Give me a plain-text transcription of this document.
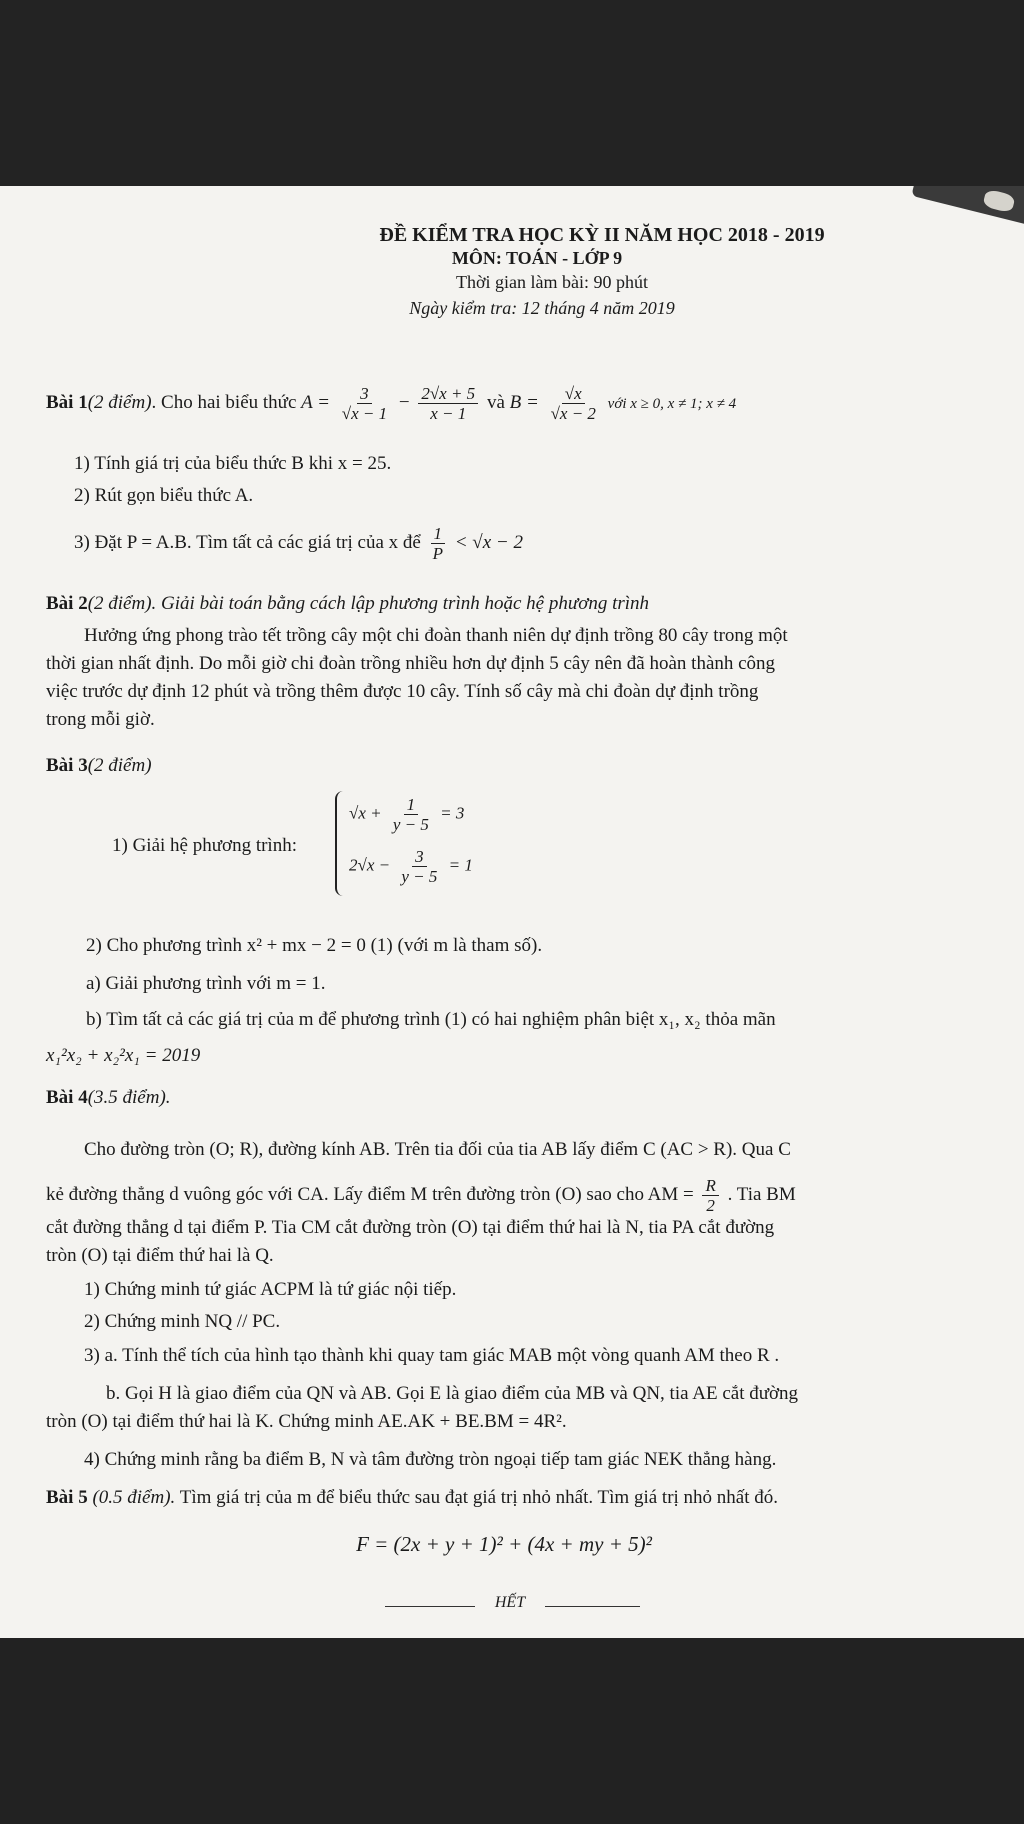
ĐỀ KIỂM TRA HỌC KỲ II NĂM HỌC 2018 - 2019
MÔN: TOÁN - LỚP 9
Thời gian làm bài: 90 phút
Ngày kiểm tra: 12 tháng 4 năm 2019
Bài 1(2 điểm). Cho hai biểu thức $A = \frac{3}{√x - 1} - \frac{2√x + 5}{x - 1}$ và $B = \frac{√x}{√x - 2}$ với x ≥ 0, x ≠ 1; x ≠ 4
1) Tính giá trị của biểu thức B khi x = 25.
2) Rút gọn biểu thức A.
3) Đặt P = A.B. Tìm tất cả các giá trị của x để $\frac{1}{P} < √x - 2$
Bài 2(2 điểm). Giải bài toán bằng cách lập phương trình hoặc hệ phương trình
Hưởng ứng phong trào tết trồng cây một chi đoàn thanh niên dự định trồng 80 cây trong một
thời gian nhất định. Do mỗi giờ chi đoàn trồng nhiều hơn dự định 5 cây nên đã hoàn thành công
việc trước dự định 12 phút và trồng thêm được 10 cây. Tính số cây mà chi đoàn dự định trồng
trong mỗi giờ.
Bài 3(2 điểm)
1) Giải hệ phương trình:
$√x + \frac{1}{y - 5} = 3$
$2√x - \frac{3}{y - 5} = 1$
2) Cho phương trình x² + mx − 2 = 0 (1) (với m là tham số).
a) Giải phương trình với m = 1.
b) Tìm tất cả các giá trị của m để phương trình (1) có hai nghiệm phân biệt x₁, x₂ thỏa mãn
x₁²x₂ + x₂²x₁ = 2019
Bài 4(3.5 điểm).
Cho đường tròn (O; R), đường kính AB. Trên tia đối của tia AB lấy điểm C (AC > R). Qua C
kẻ đường thẳng d vuông góc với CA. Lấy điểm M trên đường tròn (O) sao cho AM = $\frac{R}{2}$ . Tia BM
cắt đường thẳng d tại điểm P. Tia CM cắt đường tròn (O) tại điểm thứ hai là N, tia PA cắt đường
tròn (O) tại điểm thứ hai là Q.
1) Chứng minh tứ giác ACPM là tứ giác nội tiếp.
2) Chứng minh NQ // PC.
3) a. Tính thể tích của hình tạo thành khi quay tam giác MAB một vòng quanh AM theo R .
b. Gọi H là giao điểm của QN và AB. Gọi E là giao điểm của MB và QN, tia AE cắt đường
tròn (O) tại điểm thứ hai là K. Chứng minh AE.AK + BE.BM = 4R².
4) Chứng minh rằng ba điểm B, N và tâm đường tròn ngoại tiếp tam giác NEK thẳng hàng.
Bài 5 (0.5 điểm). Tìm giá trị của m để biểu thức sau đạt giá trị nhỏ nhất. Tìm giá trị nhỏ nhất đó.
F = (2x + y + 1)² + (4x + my + 5)²
HẾT
